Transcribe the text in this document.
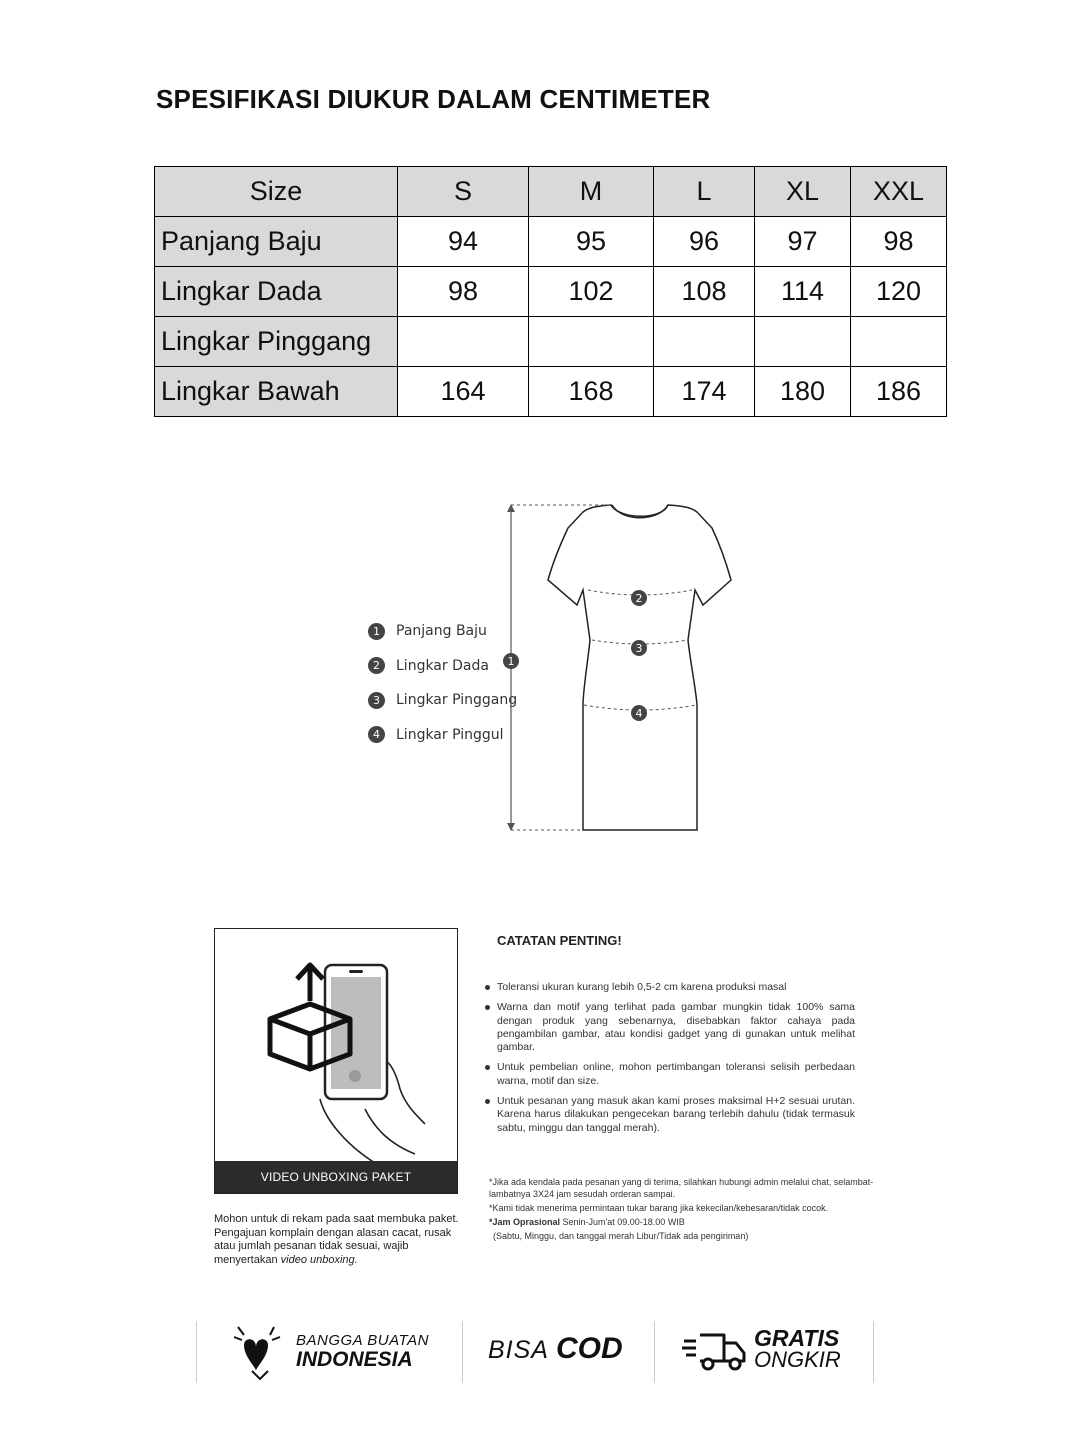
SPESIFIKASI DIUKUR DALAM CENTIMETER
Size	S	M	L	XL	XXL
Panjang Baju	94	95	96	97	98
Lingkar Dada	98	102	108	114	120
Lingkar Pinggang					
Lingkar Bawah	164	168	174	180	186
1	Panjang Baju
2	Lingkar Dada
3	Lingkar Pinggang
4	Lingkar Pinggul
1
2
3
4
VIDEO UNBOXING PAKET
Mohon untuk di rekam pada saat membuka paket. Pengajuan komplain dengan alasan cacat, rusak atau jumlah pesanan tidak sesuai, wajib menyertakan video unboxing.
CATATAN PENTING!
Toleransi ukuran kurang lebih 0,5-2 cm karena produksi masal
Warna dan motif yang terlihat pada gambar mungkin tidak 100% sama dengan produk yang sebenarnya, disebabkan faktor cahaya pada pengambilan gambar, atau kondisi gadget yang di gunakan untuk melihat gambar.
Untuk pembelian online, mohon pertimbangan toleransi selisih perbedaan warna, motif dan size.
Untuk pesanan yang masuk akan kami proses maksimal H+2 sesuai urutan. Karena harus dilakukan pengecekan barang terlebih dahulu (tidak termasuk sabtu, minggu dan tanggal merah).

*Jika ada kendala pada pesanan yang di terima, silahkan hubungi admin melalui chat, selambat-lambatnya 3X24 jam sesudah orderan sampai.

*Kami tidak menerima permintaan tukar barang jika kekecilan/kebesaran/tidak cocok.

*Jam Oprasional Senin-Jum'at 09.00-18.00 WIB

(Sabtu, Minggu, dan tanggal merah Libur/Tidak ada pengiriman)

BANGGA BUATAN
INDONESIA	BISA COD	GRATIS
ONGKIR
